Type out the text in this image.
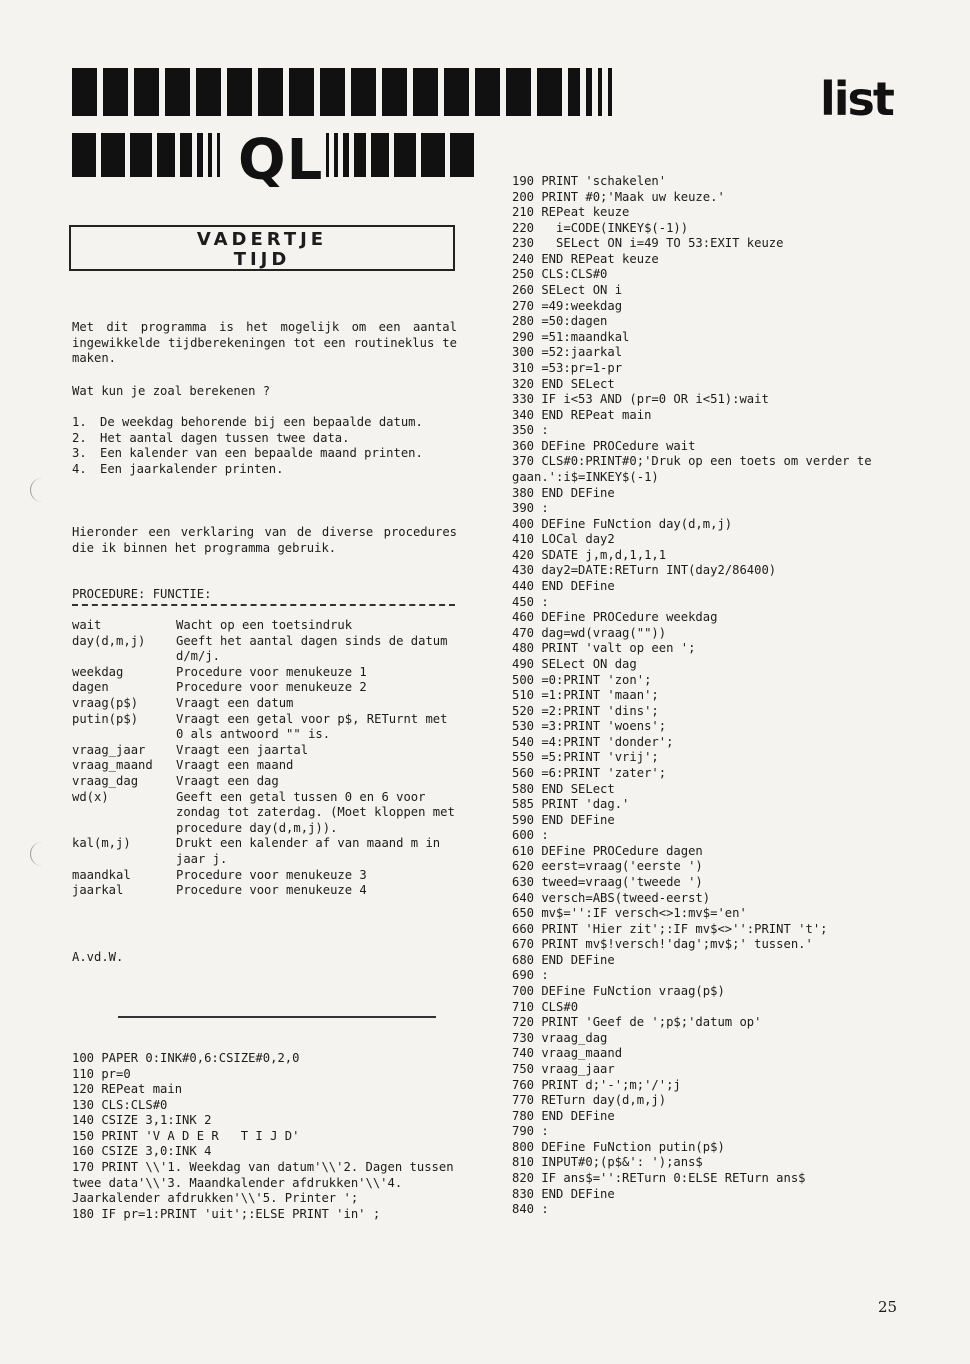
list
QL
VADERTJE
TIJD
Met dit programma is het mogelijk om een aantal ingewikkelde tijdberekeningen tot een routineklus te maken.
Wat kun je zoal berekenen ?
1.	De weekdag behorende bij een bepaalde datum.
2.	Het aantal dagen tussen twee data.
3.	Een kalender van een bepaalde maand printen.
4.	Een jaarkalender printen.
Hieronder een verklaring van de diverse procedures die ik binnen het programma gebruik.
PROCEDURE: FUNCTIE:
wait	Wacht op een toetsindruk
day(d,m,j)	Geeft het aantal dagen sinds de datum d/m/j.
weekdag	Procedure voor menukeuze 1
dagen	Procedure voor menukeuze 2
vraag(p$)	Vraagt een datum
putin(p$)	Vraagt een getal voor p$, RETurnt met 0 als antwoord "" is.
vraag_jaar	Vraagt een jaartal
vraag_maand	Vraagt een maand
vraag_dag	Vraagt een dag
wd(x)	Geeft een getal tussen 0 en 6 voor zondag tot zaterdag. (Moet kloppen met procedure day(d,m,j)).
kal(m,j)	Drukt een kalender af van maand m in jaar j.
maandkal	Procedure voor menukeuze 3
jaarkal	Procedure voor menukeuze 4
A.vd.W.
100 PAPER 0:INK#0,6:CSIZE#0,2,0
110 pr=0
120 REPeat main
130 CLS:CLS#0
140 CSIZE 3,1:INK 2
150 PRINT 'V A D E R   T I J D'
160 CSIZE 3,0:INK 4
170 PRINT \\'1. Weekdag van datum'\\'2. Dagen tussen twee data'\\'3. Maandkalender afdrukken'\\'4. Jaarkalender afdrukken'\\'5. Printer ';
180 IF pr=1:PRINT 'uit';:ELSE PRINT 'in' ;
190 PRINT 'schakelen'
200 PRINT #0;'Maak uw keuze.'
210 REPeat keuze
220   i=CODE(INKEY$(-1))
230   SELect ON i=49 TO 53:EXIT keuze
240 END REPeat keuze
250 CLS:CLS#0
260 SELect ON i
270 =49:weekdag
280 =50:dagen
290 =51:maandkal
300 =52:jaarkal
310 =53:pr=1-pr
320 END SELect
330 IF i<53 AND (pr=0 OR i<51):wait
340 END REPeat main
350 :
360 DEFine PROCedure wait
370 CLS#0:PRINT#0;'Druk op een toets om verder te gaan.':i$=INKEY$(-1)
380 END DEFine
390 :
400 DEFine FuNction day(d,m,j)
410 LOCal day2
420 SDATE j,m,d,1,1,1
430 day2=DATE:RETurn INT(day2/86400)
440 END DEFine
450 :
460 DEFine PROCedure weekdag
470 dag=wd(vraag(""))
480 PRINT 'valt op een ';
490 SELect ON dag
500 =0:PRINT 'zon';
510 =1:PRINT 'maan';
520 =2:PRINT 'dins';
530 =3:PRINT 'woens';
540 =4:PRINT 'donder';
550 =5:PRINT 'vrij';
560 =6:PRINT 'zater';
580 END SELect
585 PRINT 'dag.'
590 END DEFine
600 :
610 DEFine PROCedure dagen
620 eerst=vraag('eerste ')
630 tweed=vraag('tweede ')
640 versch=ABS(tweed-eerst)
650 mv$='':IF versch<>1:mv$='en'
660 PRINT 'Hier zit';:IF mv$<>'':PRINT 't';
670 PRINT mv$!versch!'dag';mv$;' tussen.'
680 END DEFine
690 :
700 DEFine FuNction vraag(p$)
710 CLS#0
720 PRINT 'Geef de ';p$;'datum op'
730 vraag_dag
740 vraag_maand
750 vraag_jaar
760 PRINT d;'-';m;'/';j
770 RETurn day(d,m,j)
780 END DEFine
790 :
800 DEFine FuNction putin(p$)
810 INPUT#0;(p$&': ');ans$
820 IF ans$='':RETurn 0:ELSE RETurn ans$
830 END DEFine
840 :
25
